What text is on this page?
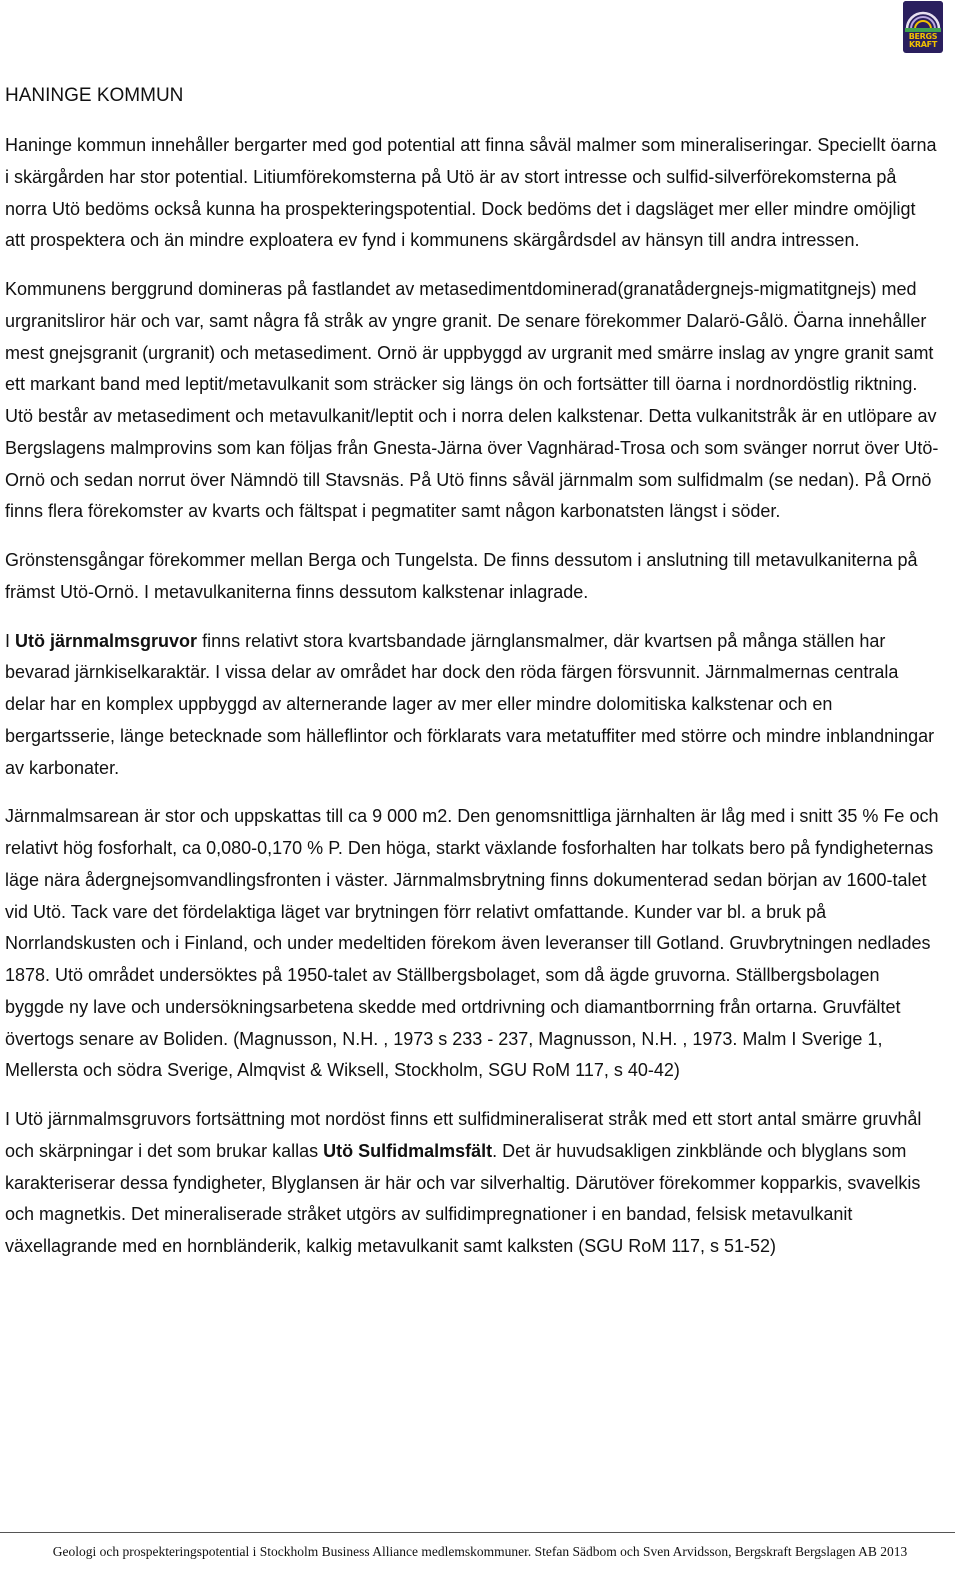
BERGS
KRAFT
HANINGE KOMMUN

Haninge kommun innehåller bergarter med god potential att finna såväl malmer som mineraliseringar. Speciellt öarna i skärgården har stor potential. Litiumförekomsterna på Utö är av stort intresse och sulfid-silverförekomsterna på norra Utö bedöms också kunna ha prospekteringspotential. Dock bedöms det i dagsläget mer eller mindre omöjligt att prospektera och än mindre exploatera ev fynd i kommunens skärgårdsdel av hänsyn till andra intressen.

Kommunens berggrund domineras på fastlandet av metasedimentdominerad(granatådergnejs-migmatitgnejs) med urgranitsliror här och var, samt några få stråk av yngre granit. De senare förekommer Dalarö-Gålö. Öarna innehåller mest gnejsgranit (urgranit) och metasediment. Ornö är uppbyggd av urgranit med smärre inslag av yngre granit samt ett markant band med leptit/metavulkanit som sträcker sig längs ön och fortsätter till öarna i nordnordöstlig riktning. Utö består av metasediment och metavulkanit/leptit och i norra delen kalkstenar. Detta vulkanitstråk är en utlöpare av Bergslagens malmprovins som kan följas från Gnesta-Järna över Vagnhärad-Trosa och som svänger norrut över Utö-Ornö och sedan norrut över Nämndö till Stavsnäs. På Utö finns såväl järnmalm som sulfidmalm (se nedan). På Ornö finns flera förekomster av kvarts och fältspat i pegmatiter samt någon karbonatsten längst i söder.

Grönstensgångar förekommer mellan Berga och Tungelsta. De finns dessutom i anslutning till metavulkaniterna på främst Utö-Ornö. I metavulkaniterna finns dessutom kalkstenar inlagrade.

I Utö järnmalmsgruvor finns relativt stora kvartsbandade järnglansmalmer, där kvartsen på många ställen har bevarad järnkiselkaraktär. I vissa delar av området har dock den röda färgen försvunnit. Järnmalmernas centrala delar har en komplex uppbyggd av alternerande lager av mer eller mindre dolomitiska kalkstenar och en bergartsserie, länge betecknade som hälleflintor och förklarats vara metatuffiter med större och mindre inblandningar av karbonater.

Järnmalmsarean är stor och uppskattas till ca 9 000 m2. Den genomsnittliga järnhalten är låg med i snitt 35 % Fe och relativt hög fosforhalt, ca 0,080-0,170 % P. Den höga, starkt växlande fosforhalten har tolkats bero på fyndigheternas läge nära ådergnejsomvandlingsfronten i väster. Järnmalmsbrytning finns dokumenterad sedan början av 1600-talet vid Utö. Tack vare det fördelaktiga läget var brytningen förr relativt omfattande. Kunder var bl. a bruk på Norrlandskusten och i Finland, och under medeltiden förekom även leveranser till Gotland. Gruvbrytningen nedlades 1878. Utö området undersöktes på 1950-talet av Ställbergsbolaget, som då ägde gruvorna. Ställbergsbolagen byggde ny lave och undersökningsarbetena skedde med ortdrivning och diamantborrning från ortarna. Gruvfältet övertogs senare av Boliden. (Magnusson, N.H. , 1973 s 233 - 237, Magnusson, N.H. , 1973. Malm I Sverige 1, Mellersta och södra Sverige, Almqvist & Wiksell, Stockholm, SGU RoM 117, s 40-42)

I Utö järnmalmsgruvors fortsättning mot nordöst finns ett sulfidmineraliserat stråk med ett stort antal smärre gruvhål och skärpningar i det som brukar kallas Utö Sulfidmalmsfält. Det är huvudsakligen zinkblände och blyglans som karakteriserar dessa fyndigheter, Blyglansen är här och var silverhaltig. Därutöver förekommer kopparkis, svavelkis och magnetkis. Det mineraliserade stråket utgörs av sulfidimpregnationer i en bandad, felsisk metavulkanit växellagrande med en hornbländerik, kalkig metavulkanit samt kalksten (SGU RoM 117, s 51-52)

Geologi och prospekteringspotential i Stockholm Business Alliance medlemskommuner. Stefan Sädbom och Sven Arvidsson, Bergskraft Bergslagen AB 2013
